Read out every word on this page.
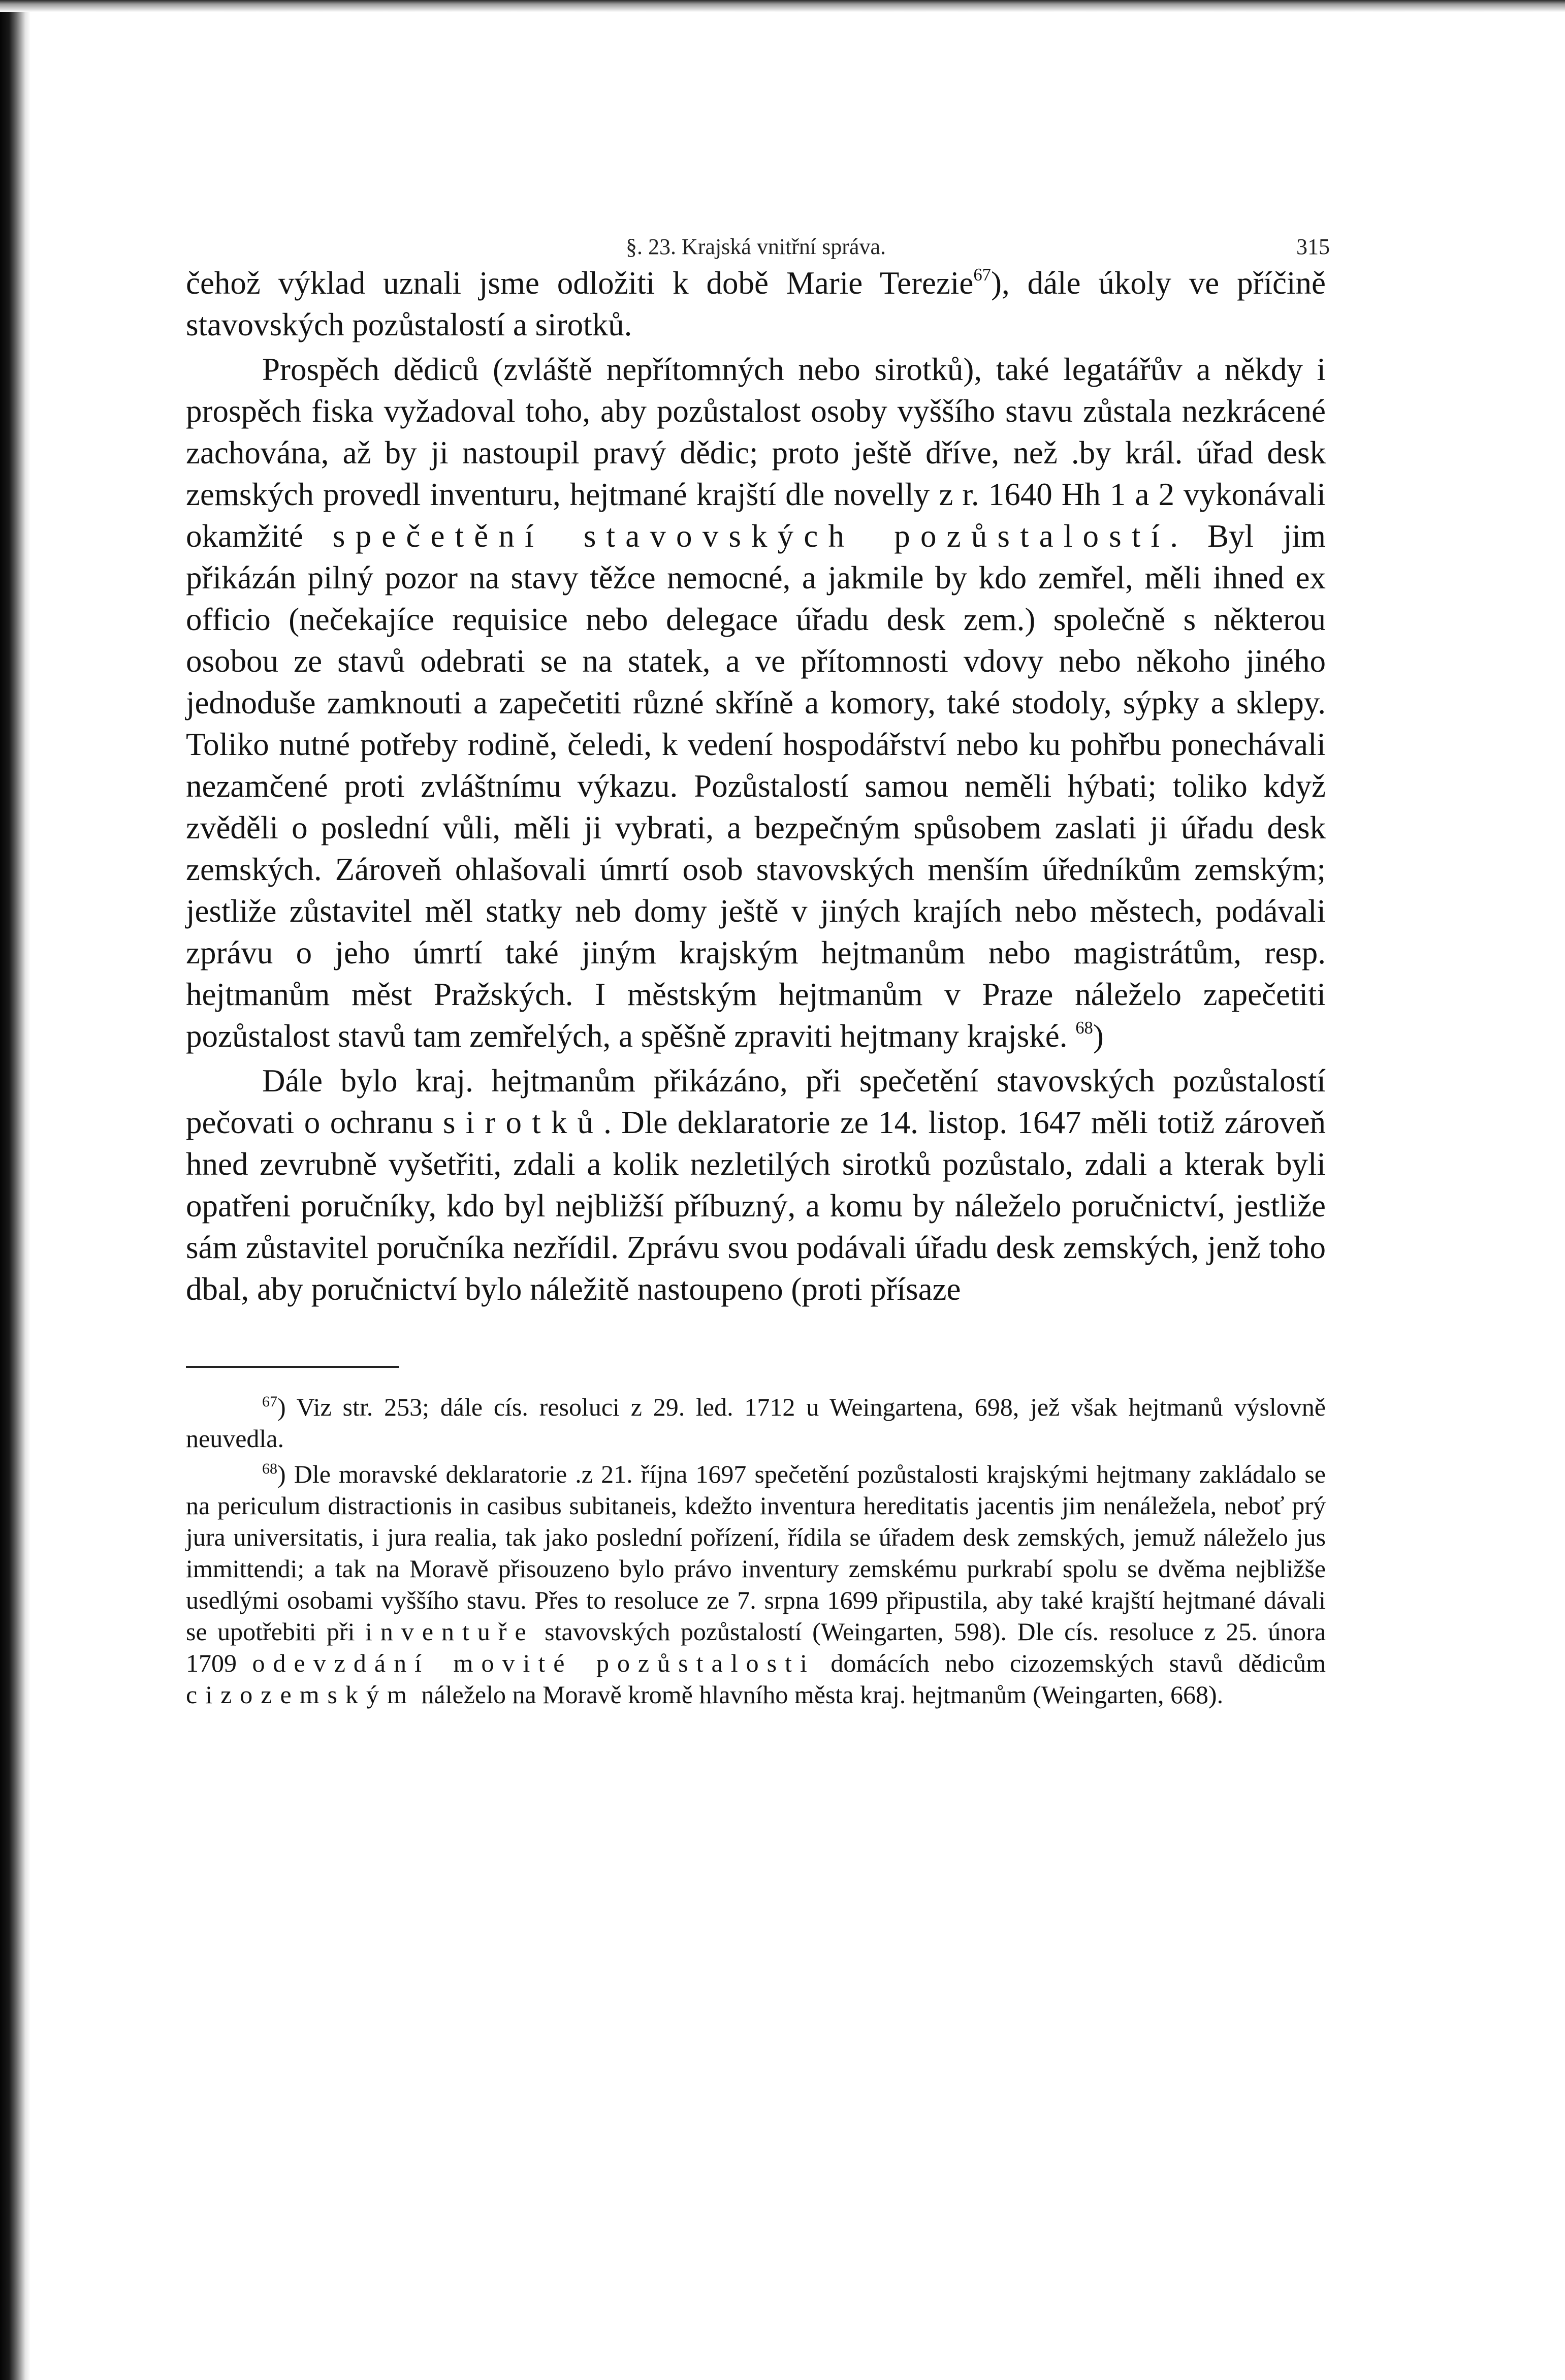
§. 23. Krajská vnitřní správa.	315

čehož výklad uznali jsme odložiti k době Marie Terezie$^{67}$), dále úkoly ve příčině stavovských pozůstalostí a sirotků.

Prospěch dědiců (zvláště nepřítomných nebo sirotků), také legatářův a někdy i prospěch fiska vyžadoval toho, aby pozůstalost osoby vyššího stavu zůstala nezkrácené zachována, až by ji nastoupil pravý dědic; proto ještě dříve, než .by král. úřad desk zemských provedl inventuru, hejtmané krajští dle novelly z r. 1640 Hh 1 a 2 vykonávali okamžité spečetění stavovských pozůstalostí. Byl jim přikázán pilný pozor na stavy těžce nemocné, a jakmile by kdo zemřel, měli ihned ex officio (nečekajíce requisice nebo delegace úřadu desk zem.) společně s některou osobou ze stavů odebrati se na statek, a ve přítomnosti vdovy nebo někoho jiného jednoduše zamknouti a zapečetiti různé skříně a komory, také stodoly, sýpky a sklepy. Toliko nutné potřeby rodině, čeledi, k vedení hospodářství nebo ku pohřbu ponechávali nezamčené proti zvláštnímu výkazu. Pozůstalostí samou neměli hýbati; toliko když zvěděli o poslední vůli, měli ji vybrati, a bezpečným spůsobem zaslati ji úřadu desk zemských. Zároveň ohlašovali úmrtí osob stavovských menším úředníkům zemským; jestliže zůstavitel měl statky neb domy ještě v jiných krajích nebo městech, podávali zprávu o jeho úmrtí také jiným krajským hejtmanům nebo magistrátům, resp. hejtmanům měst Pražských. I městským hejtmanům v Praze náleželo zapečetiti pozůstalost stavů tam zemřelých, a spěšně zpraviti hejtmany krajské. $^{68}$)

Dále bylo kraj. hejtmanům přikázáno, při spečetění stavovských pozůstalostí pečovati o ochranu sirotků. Dle deklaratorie ze 14. listop. 1647 měli totiž zároveň hned zevrubně vyšetřiti, zdali a kolik nezletilých sirotků pozůstalo, zdali a kterak byli opatřeni poručníky, kdo byl nejbližší příbuzný, a komu by náleželo poručnictví, jestliže sám zůstavitel poručníka nezřídil. Zprávu svou podávali úřadu desk zemských, jenž toho dbal, aby poručnictví bylo náležitě nastoupeno (proti přísaze

$^{67}$) Viz str. 253; dále cís. resoluci z 29. led. 1712 u Weingartena, 698, jež však hejtmanů výslovně neuvedla.

$^{68}$) Dle moravské deklaratorie .z 21. října 1697 spečetění pozůstalosti krajskými hejtmany zakládalo se na periculum distractionis in casibus subitaneis, kdežto inventura hereditatis jacentis jim nenáležela, neboť prý jura universitatis, i jura realia, tak jako poslední pořízení, řídila se úřadem desk zemských, jemuž náleželo jus immittendi; a tak na Moravě přisouzeno bylo právo inventury zemskému purkrabí spolu se dvěma nejbližše usedlými osobami vyššího stavu. Přes to resoluce ze 7. srpna 1699 připustila, aby také krajští hejtmané dávali se upotřebiti při inventuře stavovských pozůstalostí (Weingarten, 598). Dle cís. resoluce z 25. února 1709 odevzdání movité pozůstalosti domácích nebo cizozemských stavů dědicům cizozemským náleželo na Moravě kromě hlavního města kraj. hejtmanům (Weingarten, 668).
